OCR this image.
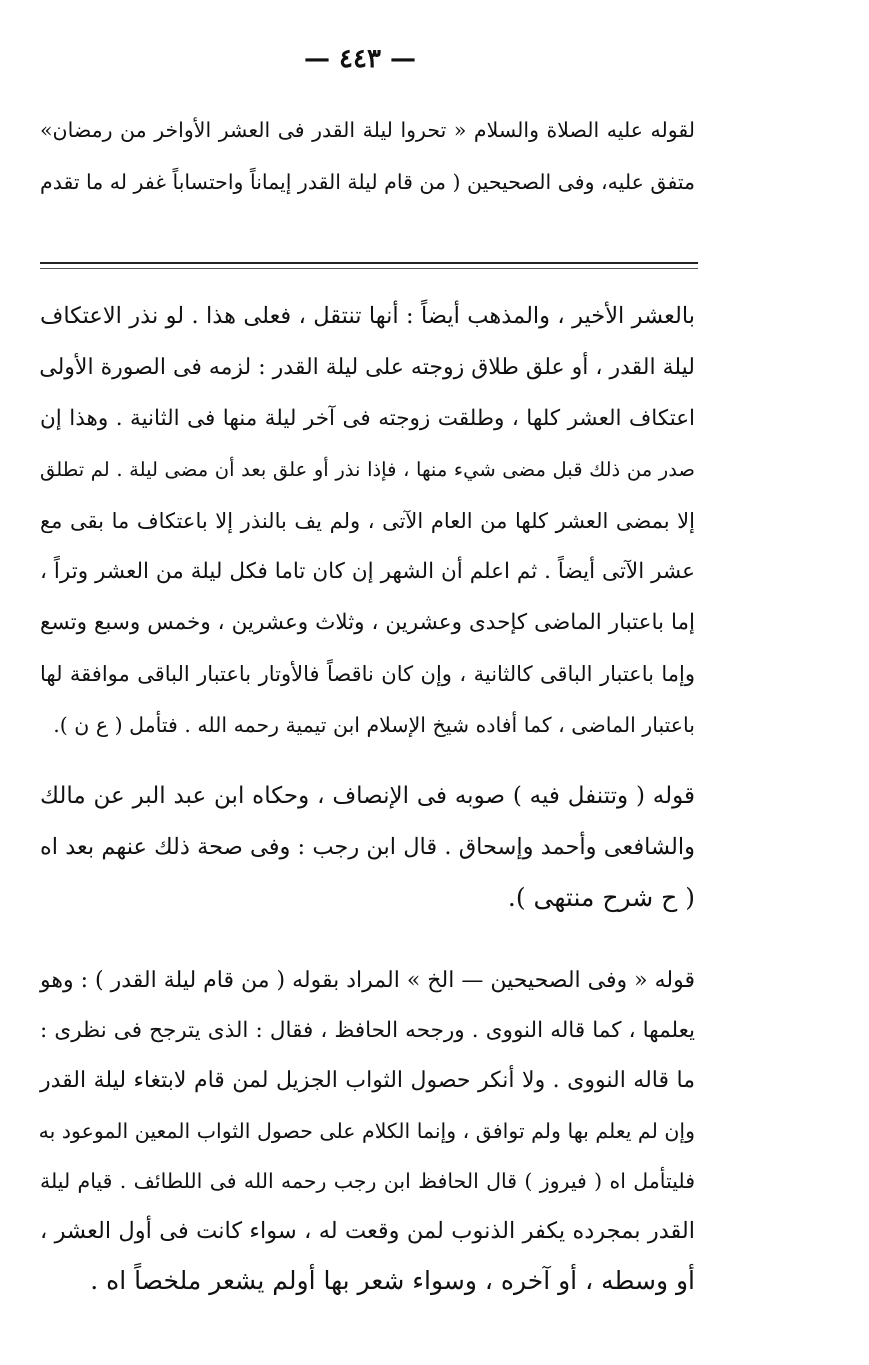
— ٤٤٣ —
لقوله عليه الصلاة والسلام « تحروا ليلة القدر فى العشر الأواخر من رمضان»
متفق عليه، وفى الصحيحين ( من قام ليلة القدر إيماناً واحتساباً غفر له ما تقدم
بالعشر الأخير ، والمذهب أيضاً : أنها تنتقل ، فعلى هذا . لو نذر الاعتكاف
ليلة القدر ، أو علق طلاق زوجته على ليلة القدر : لزمه فى الصورة الأولى
اعتكاف العشر كلها ، وطلقت زوجته فى آخر ليلة منها فى الثانية . وهذا إن
صدر من ذلك قبل مضى شيء منها ، فإذا نذر أو علق بعد أن مضى ليلة . لم تطلق
إلا بمضى العشر كلها من العام الآتى ، ولم يف بالنذر إلا باعتكاف ما بقى مع
عشر الآتى أيضاً . ثم اعلم أن الشهر إن كان تاما فكل ليلة من العشر وتراً ،
إما باعتبار الماضى كإحدى وعشرين ، وثلاث وعشرين ، وخمس وسبع وتسع
وإما باعتبار الباقى كالثانية ، وإن كان ناقصاً فالأوتار باعتبار الباقى موافقة لها
باعتبار الماضى ، كما أفاده شيخ الإسلام ابن تيمية رحمه الله . فتأمل ( ع ن ).
قوله ( وتتنفل فيه ) صوبه فى الإنصاف ، وحكاه ابن عبد البر عن مالك
والشافعى وأحمد وإسحاق . قال ابن رجب : وفى صحة ذلك عنهم بعد اه
( ح شرح منتهى ).
قوله « وفى الصحيحين — الخ » المراد بقوله ( من قام ليلة القدر ) : وهو
يعلمها ، كما قاله النووى . ورجحه الحافظ ، فقال : الذى يترجح فى نظرى :
ما قاله النووى . ولا أنكر حصول الثواب الجزيل لمن قام لابتغاء ليلة القدر
وإن لم يعلم بها ولم توافق ، وإنما الكلام على حصول الثواب المعين الموعود به
فليتأمل اه ( فيروز ) قال الحافظ ابن رجب رحمه الله فى اللطائف . قيام ليلة
القدر بمجرده يكفر الذنوب لمن وقعت له ، سواء كانت فى أول العشر ،
أو وسطه ، أو آخره ، وسواء شعر بها أولم يشعر ملخصاً اه .
